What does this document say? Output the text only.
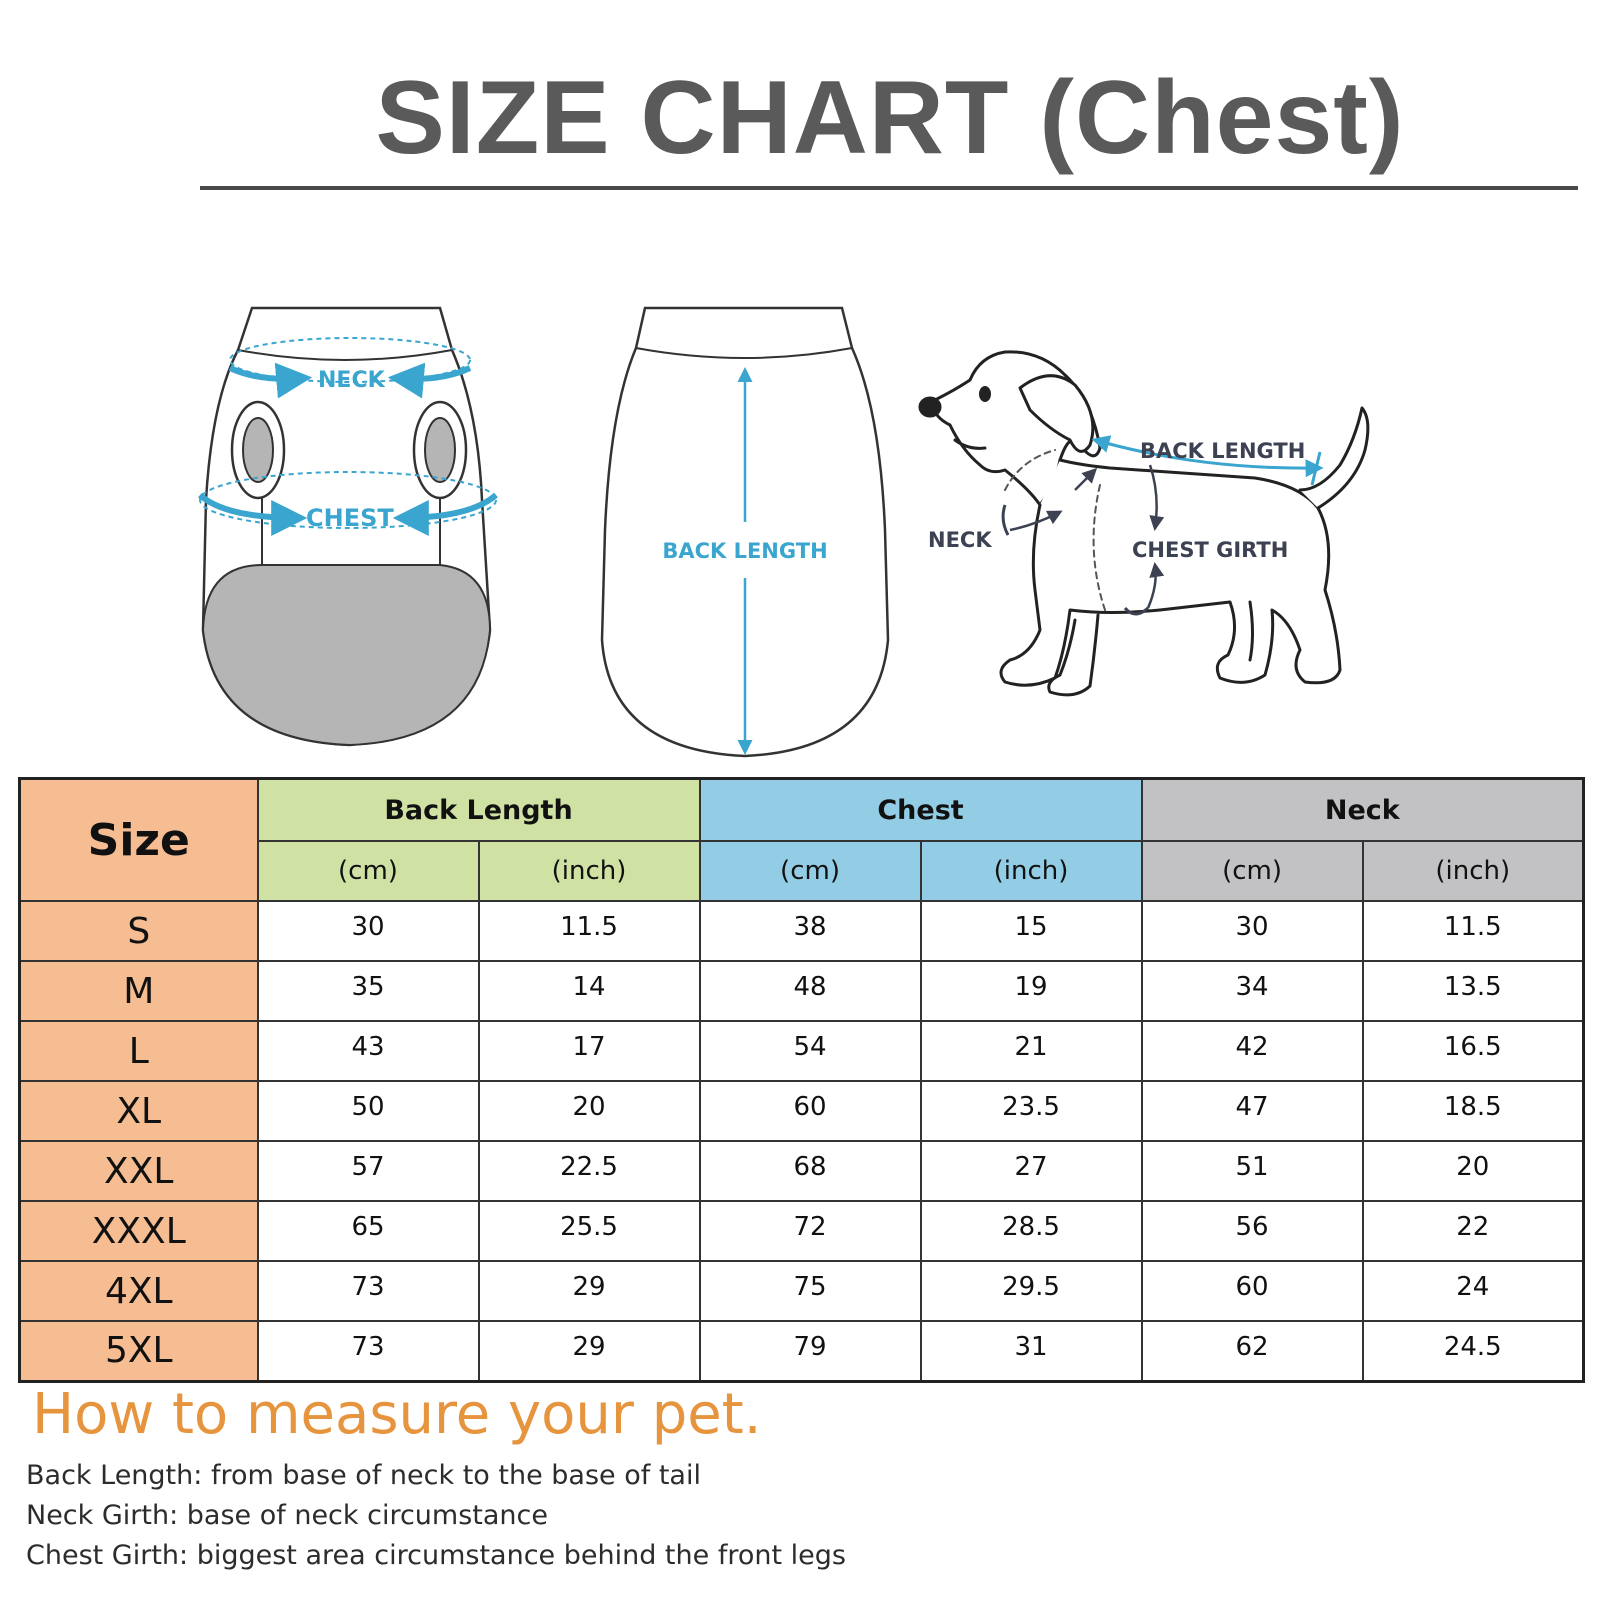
SIZE CHART (Chest)
NECK
CHEST
BACK LENGTH
BACK LENGTH
NECK	CHEST GIRTH
Size	Back Length		Chest		Neck	
	(cm)	(inch)	(cm)	(inch)	(cm)	(inch)
S	30	11.5	38	15	30	11.5
M	35	14	48	19	34	13.5
L	43	17	54	21	42	16.5
XL	50	20	60	23.5	47	18.5
XXL	57	22.5	68	27	51	20
XXXL	65	25.5	72	28.5	56	22
4XL	73	29	75	29.5	60	24
5XL	73	29	79	31	62	24.5
How to measure your pet.

Back Length: from base of neck to the base of tail

Neck Girth: base of neck circumstance

Chest Girth: biggest area circumstance behind the front legs
